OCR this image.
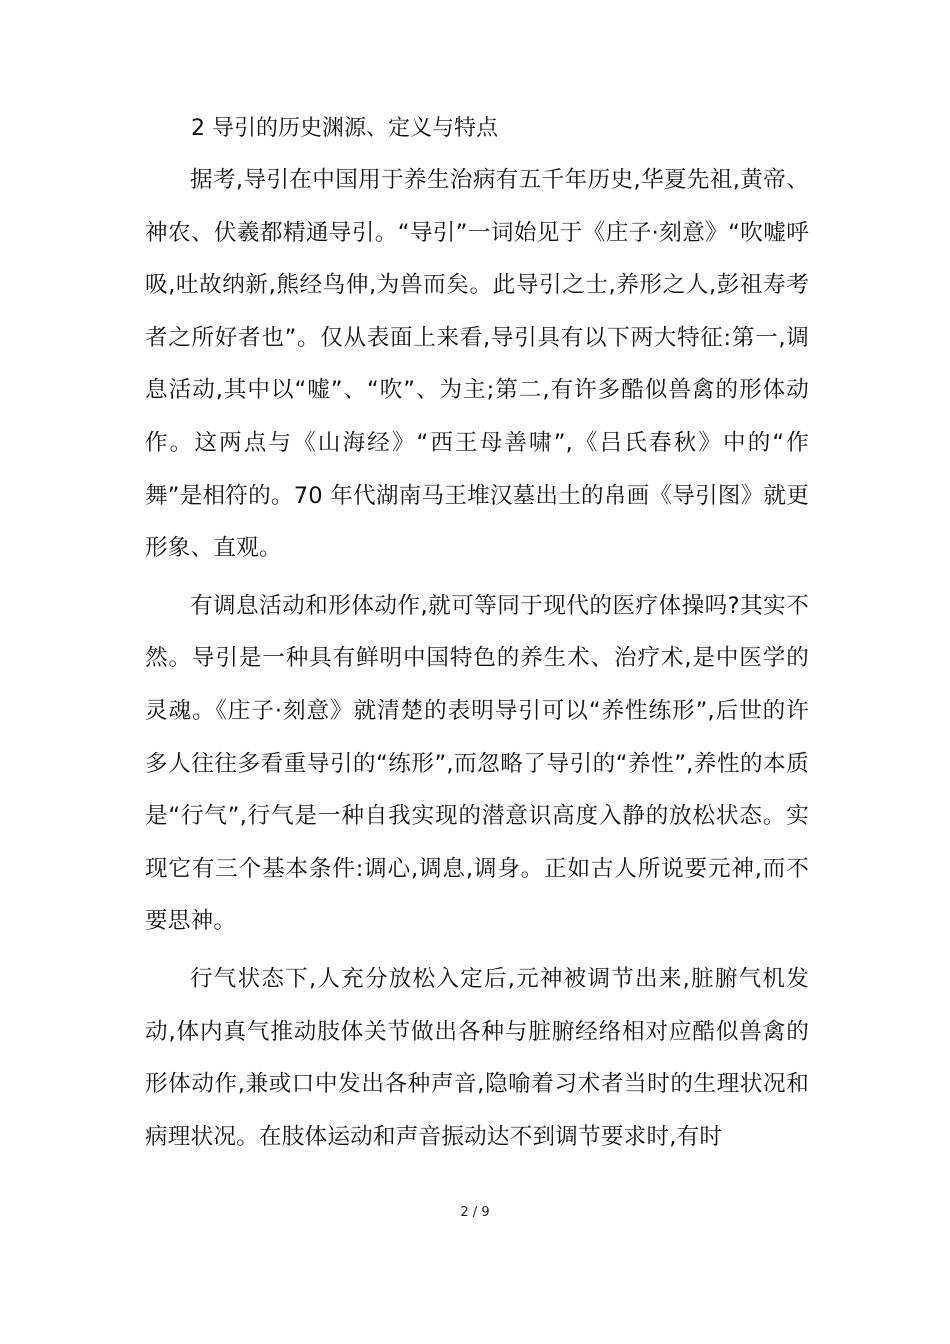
2 导引的历史渊源、定义与特点

据考,导引在中国用于养生治病有五千年历史,华夏先祖,黄帝、神农、伏羲都精通导引。“导引”一词始见于《庄子·刻意》“吹嘘呼吸,吐故纳新,熊经鸟伸,为兽而矣。此导引之士,养形之人,彭祖寿考者之所好者也”。仅从表面上来看,导引具有以下两大特征:第一,调息活动,其中以“嘘”、“吹”、为主;第二,有许多酷似兽禽的形体动作。这两点与《山海经》“西王母善啸”,《吕氏春秋》中的“作舞”是相符的。70 年代湖南马王堆汉墓出土的帛画《导引图》就更形象、直观。

有调息活动和形体动作,就可等同于现代的医疗体操吗?其实不然。导引是一种具有鲜明中国特色的养生术、治疗术,是中医学的灵魂。《庄子·刻意》就清楚的表明导引可以“养性练形”,后世的许多人往往多看重导引的“练形”,而忽略了导引的“养性”,养性的本质是“行气”,行气是一种自我实现的潜意识高度入静的放松状态。实现它有三个基本条件:调心,调息,调身。正如古人所说要元神,而不要思神。

行气状态下,人充分放松入定后,元神被调节出来,脏腑气机发动,体内真气推动肢体关节做出各种与脏腑经络相对应酷似兽禽的形体动作,兼或口中发出各种声音,隐喻着习术者当时的生理状况和病理状况。在肢体运动和声音振动达不到调节要求时,有时

2 / 9
